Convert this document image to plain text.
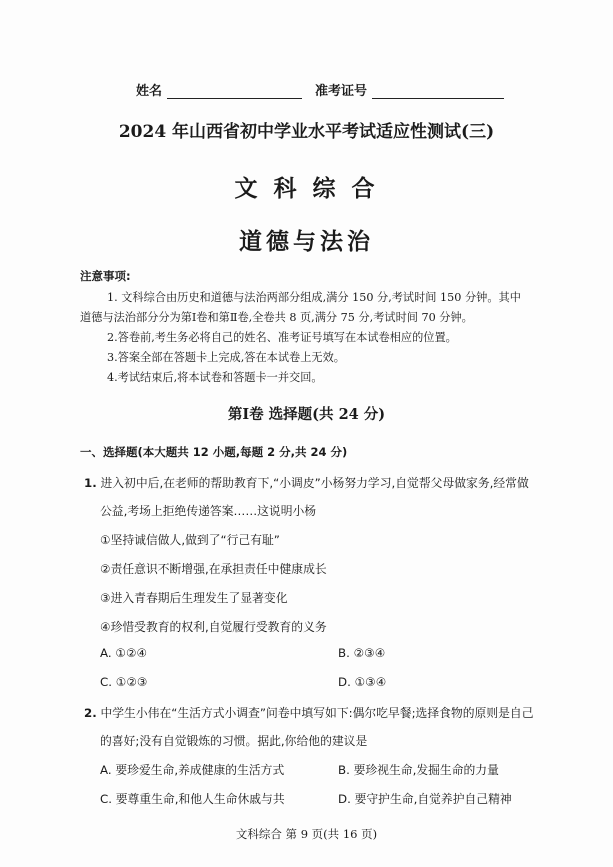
姓名	准考证号
2024 年山西省初中学业水平考试适应性测试(三)
文 科 综 合
道德与法治
注意事项:
1. 文科综合由历史和道德与法治两部分组成,满分 150 分,考试时间 150 分钟。其中
道德与法治部分分为第Ⅰ卷和第Ⅱ卷,全卷共 8 页,满分 75 分,考试时间 70 分钟。
2.答卷前,考生务必将自己的姓名、准考证号填写在本试卷相应的位置。
3.答案全部在答题卡上完成,答在本试卷上无效。
4.考试结束后,将本试卷和答题卡一并交回。
第Ⅰ卷 选择题(共 24 分)
一、选择题(本大题共 12 小题,每题 2 分,共 24 分)
1. 进入初中后,在老师的帮助教育下,“小调皮”小杨努力学习,自觉帮父母做家务,经常做
公益,考场上拒绝传递答案……这说明小杨
①坚持诚信做人,做到了“行己有耻”
②责任意识不断增强,在承担责任中健康成长
③进入青春期后生理发生了显著变化
④珍惜受教育的权利,自觉履行受教育的义务
A. ①②④	B. ②③④
C. ①②③	D. ①③④
2. 中学生小伟在“生活方式小调查”问卷中填写如下:偶尔吃早餐;选择食物的原则是自己
的喜好;没有自觉锻炼的习惯。据此,你给他的建议是
A. 要珍爱生命,养成健康的生活方式	B. 要珍视生命,发掘生命的力量
C. 要尊重生命,和他人生命休戚与共	D. 要守护生命,自觉养护自己精神
文科综合 第 9 页(共 16 页)
